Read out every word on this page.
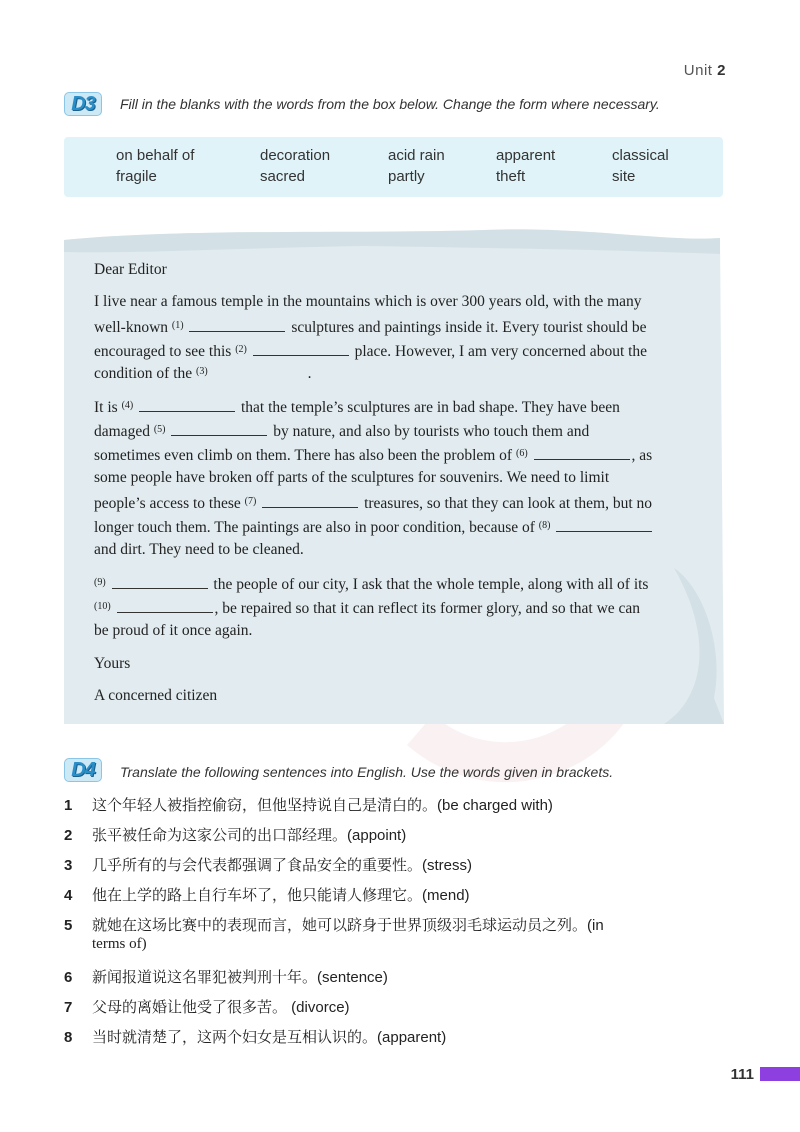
Unit 2
D3	Fill in the blanks with the words from the box below. Change the form where necessary.
on behalf of	decoration	acid rain	apparent	classical
fragile	sacred	partly	theft	site
Dear Editor
I live near a famous temple in the mountains which is over 300 years old, with the many
well-known $^{(1)}$	sculptures and paintings inside it. Every tourist should be
encouraged to see this $^{(2)}$	place. However, I am very concerned about the
condition of the $^{(3)}$	.
It is $^{(4)}$	that the temple’s sculptures are in bad shape. They have been
damaged $^{(5)}$	by nature, and also by tourists who touch them and
sometimes even climb on them. There has also been the problem of $^{(6)}$	, as
some people have broken off parts of the sculptures for souvenirs. We need to limit
people’s access to these $^{(7)}$	treasures, so that they can look at them, but no
longer touch them. The paintings are also in poor condition, because of $^{(8)}$
and dirt. They need to be cleaned.
$^{(9)}$	the people of our city, I ask that the whole temple, along with all of its
$^{(10)}$	, be repaired so that it can reflect its former glory, and so that we can
be proud of it once again.
Yours
A concerned citizen
D4	Translate the following sentences into English. Use the words given in brackets.
1 这个年轻人被指控偷窃，但他坚持说自己是清白的。(be charged with)
2 张平被任命为这家公司的出口部经理。(appoint)
3 几乎所有的与会代表都强调了食品安全的重要性。(stress)
4 他在上学的路上自行车坏了，他只能请人修理它。(mend)
5 就她在这场比赛中的表现而言，她可以跻身于世界顶级羽毛球运动员之列。(in
terms of)
6 新闻报道说这名罪犯被判刑十年。(sentence)
7 父母的离婚让他受了很多苦。 (divorce)
8 当时就清楚了，这两个妇女是互相认识的。(apparent)
111
